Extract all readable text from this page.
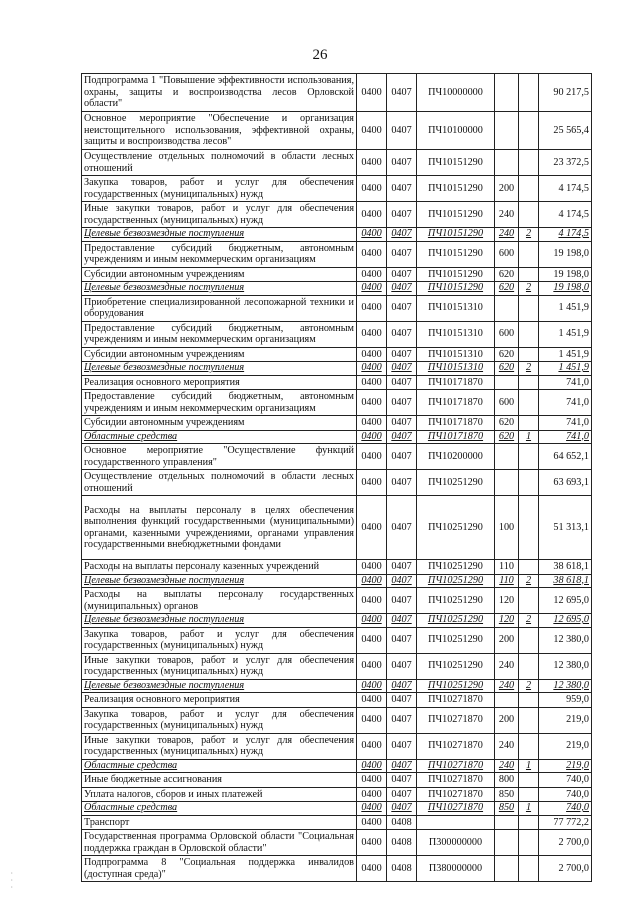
26
Подпрограмма 1 "Повышение эффективности использования, охраны, защиты и воспроизводства лесов Орловской области"	0400	0407	ПЧ10000000			90 217,5
Основное мероприятие "Обеспечение и организация неистощительного использования, эффективной охраны, защиты и воспроизводства лесов"	0400	0407	ПЧ10100000			25 565,4
Осуществление отдельных полномочий в области лесных отношений	0400	0407	ПЧ10151290			23 372,5
Закупка товаров, работ и услуг для обеспечения государственных (муниципальных) нужд	0400	0407	ПЧ10151290	200		4 174,5
Иные закупки товаров, работ и услуг для обеспечения государственных (муниципальных) нужд	0400	0407	ПЧ10151290	240		4 174,5
Целевые безвозмездные поступления	0400	0407	ПЧ10151290	240	2	4 174,5
Предоставление субсидий бюджетным, автономным учреждениям и иным некоммерческим организациям	0400	0407	ПЧ10151290	600		19 198,0
Субсидии автономным учреждениям	0400	0407	ПЧ10151290	620		19 198,0
Целевые безвозмездные поступления	0400	0407	ПЧ10151290	620	2	19 198,0
Приобретение специализированной лесопожарной техники и оборудования	0400	0407	ПЧ10151310			1 451,9
Предоставление субсидий бюджетным, автономным учреждениям и иным некоммерческим организациям	0400	0407	ПЧ10151310	600		1 451,9
Субсидии автономным учреждениям	0400	0407	ПЧ10151310	620		1 451,9
Целевые безвозмездные поступления	0400	0407	ПЧ10151310	620	2	1 451,9
Реализация основного мероприятия	0400	0407	ПЧ10171870			741,0
Предоставление субсидий бюджетным, автономным учреждениям и иным некоммерческим организациям	0400	0407	ПЧ10171870	600		741,0
Субсидии автономным учреждениям	0400	0407	ПЧ10171870	620		741,0
Областные средства	0400	0407	ПЧ10171870	620	1	741,0
Основное мероприятие "Осуществление функций государственного управления"	0400	0407	ПЧ10200000			64 652,1
Осуществление отдельных полномочий в области лесных отношений	0400	0407	ПЧ10251290			63 693,1
Расходы на выплаты персоналу в целях обеспечения выполнения функций государственными (муниципальными) органами, казенными учреждениями, органами управления государственными внебюджетными фондами	0400	0407	ПЧ10251290	100		51 313,1
Расходы на выплаты персоналу казенных учреждений	0400	0407	ПЧ10251290	110		38 618,1
Целевые безвозмездные поступления	0400	0407	ПЧ10251290	110	2	38 618,1
Расходы на выплаты персоналу государственных (муниципальных) органов	0400	0407	ПЧ10251290	120		12 695,0
Целевые безвозмездные поступления	0400	0407	ПЧ10251290	120	2	12 695,0
Закупка товаров, работ и услуг для обеспечения государственных (муниципальных) нужд	0400	0407	ПЧ10251290	200		12 380,0
Иные закупки товаров, работ и услуг для обеспечения государственных (муниципальных) нужд	0400	0407	ПЧ10251290	240		12 380,0
Целевые безвозмездные поступления	0400	0407	ПЧ10251290	240	2	12 380,0
Реализация основного мероприятия	0400	0407	ПЧ10271870			959,0
Закупка товаров, работ и услуг для обеспечения государственных (муниципальных) нужд	0400	0407	ПЧ10271870	200		219,0
Иные закупки товаров, работ и услуг для обеспечения государственных (муниципальных) нужд	0400	0407	ПЧ10271870	240		219,0
Областные средства	0400	0407	ПЧ10271870	240	1	219,0
Иные бюджетные ассигнования	0400	0407	ПЧ10271870	800		740,0
Уплата налогов, сборов и иных платежей	0400	0407	ПЧ10271870	850		740,0
Областные средства	0400	0407	ПЧ10271870	850	1	740,0
Транспорт	0400	0408				77 772,2
Государственная программа Орловской области "Социальная поддержка граждан в Орловской области"	0400	0408	П300000000			2 700,0
Подпрограмма 8 "Социальная поддержка инвалидов (доступная среда)"	0400	0408	П380000000			2 700,0
·
·
·
